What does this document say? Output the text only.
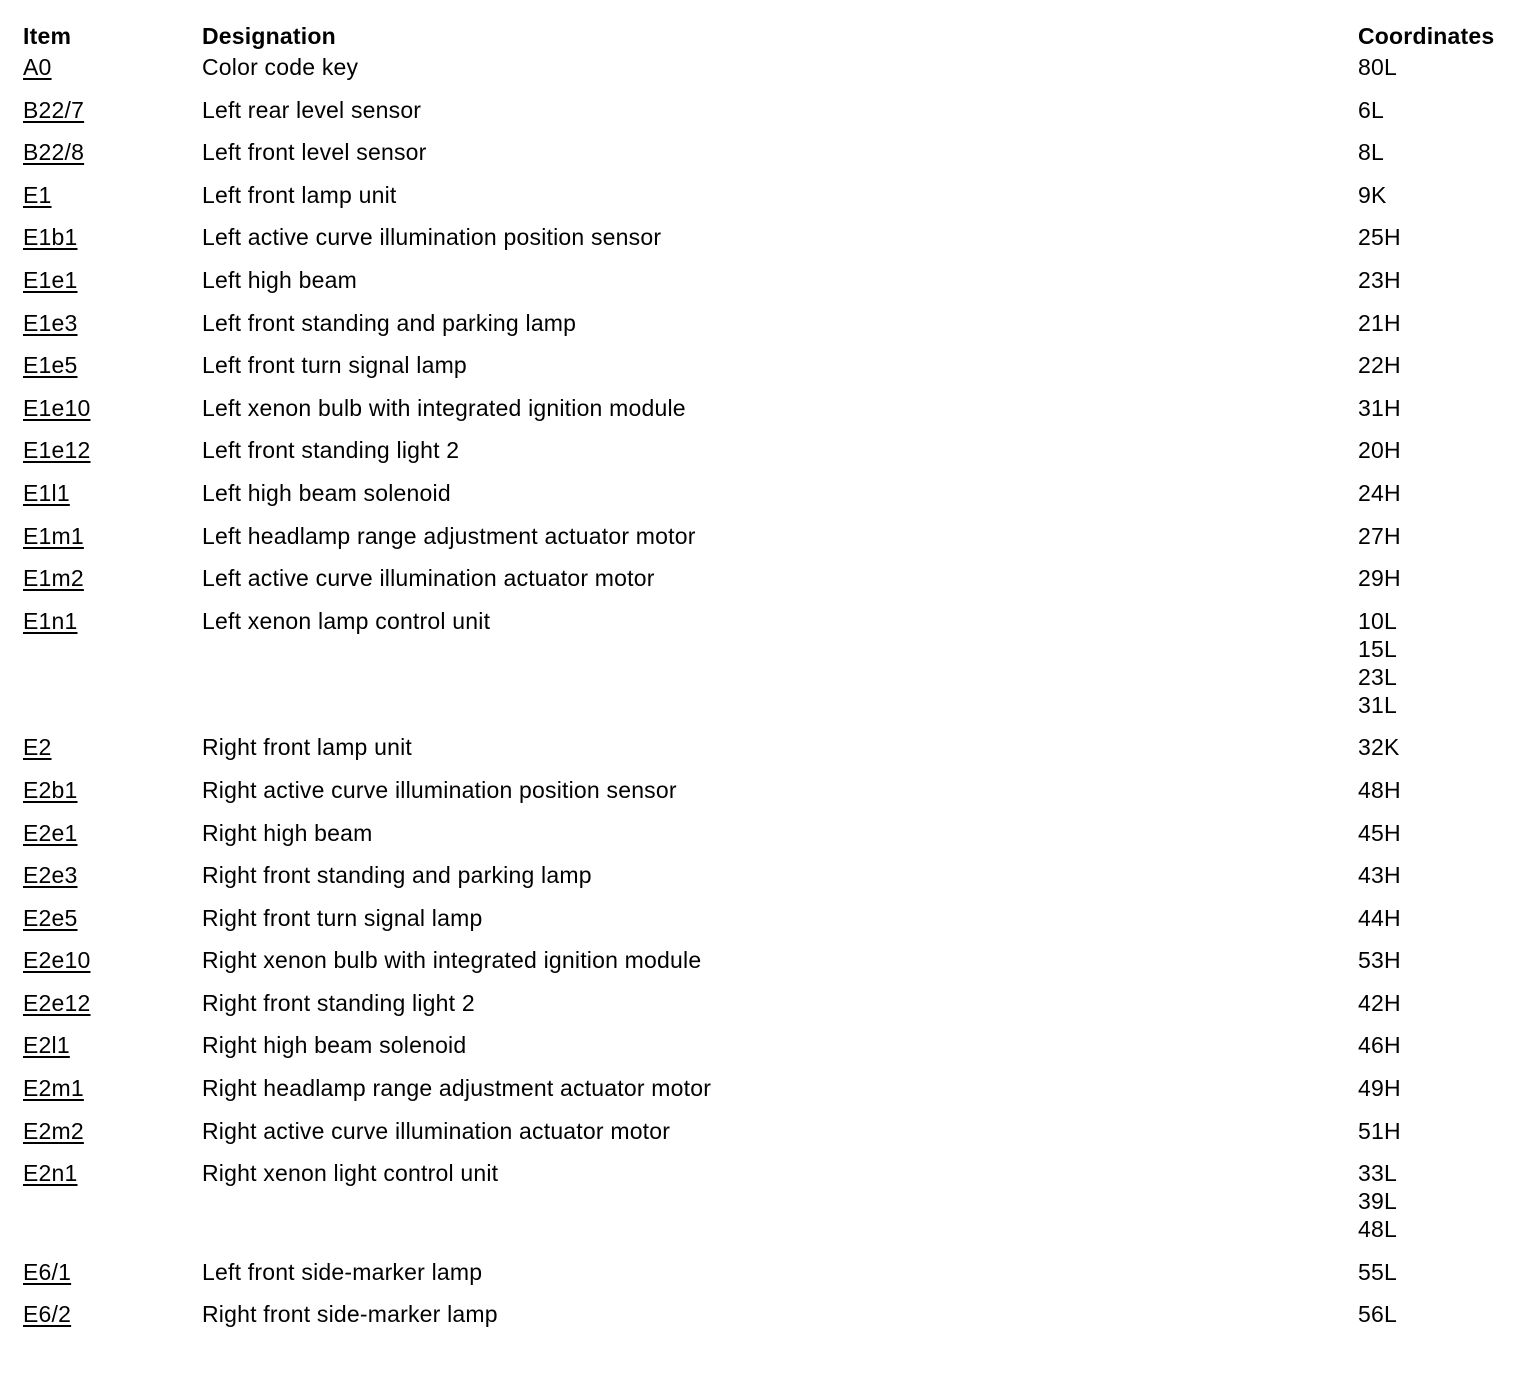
Item	Designation	Coordinates
A0	Color code key	80L
B22/7	Left rear level sensor	6L
B22/8	Left front level sensor	8L
E1	Left front lamp unit	9K
E1b1	Left active curve illumination position sensor	25H
E1e1	Left high beam	23H
E1e3	Left front standing and parking lamp	21H
E1e5	Left front turn signal lamp	22H
E1e10	Left xenon bulb with integrated ignition module	31H
E1e12	Left front standing light 2	20H
E1l1	Left high beam solenoid	24H
E1m1	Left headlamp range adjustment actuator motor	27H
E1m2	Left active curve illumination actuator motor	29H
E1n1	Left xenon lamp control unit	10L
15L
23L
31L
E2	Right front lamp unit	32K
E2b1	Right active curve illumination position sensor	48H
E2e1	Right high beam	45H
E2e3	Right front standing and parking lamp	43H
E2e5	Right front turn signal lamp	44H
E2e10	Right xenon bulb with integrated ignition module	53H
E2e12	Right front standing light 2	42H
E2l1	Right high beam solenoid	46H
E2m1	Right headlamp range adjustment actuator motor	49H
E2m2	Right active curve illumination actuator motor	51H
E2n1	Right xenon light control unit	33L
39L
48L
E6/1	Left front side-marker lamp	55L
E6/2	Right front side-marker lamp	56L
